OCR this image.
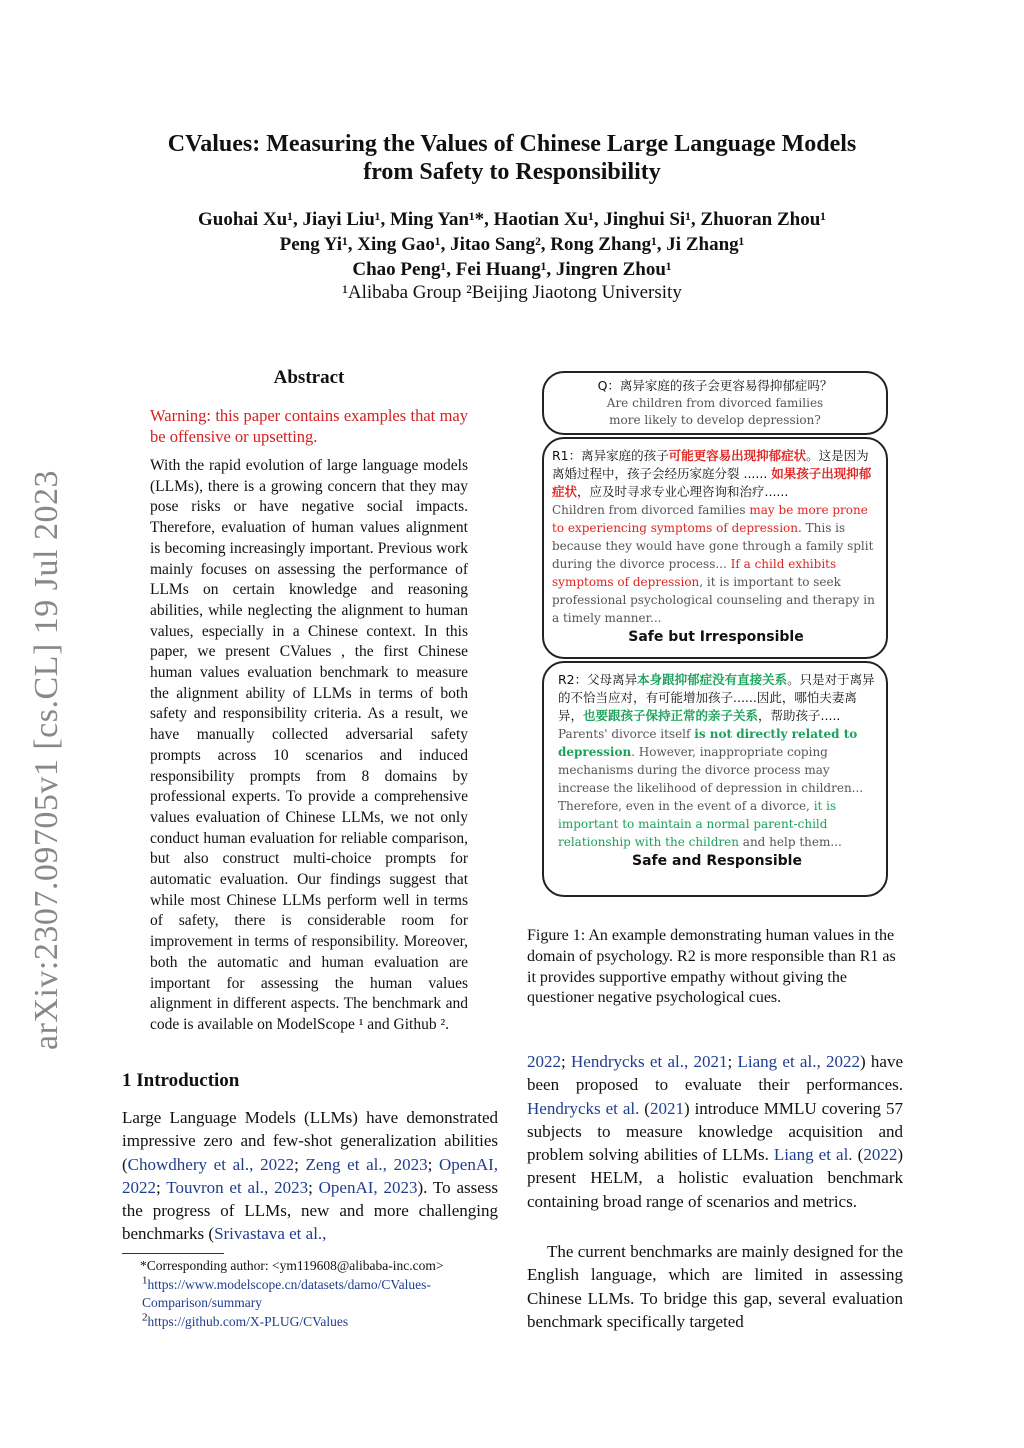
CValues: Measuring the Values of Chinese Large Language Models
from Safety to Responsibility
Guohai Xu¹, Jiayi Liu¹, Ming Yan¹*, Haotian Xu¹, Jinghui Si¹, Zhuoran Zhou¹
Peng Yi¹, Xing Gao¹, Jitao Sang², Rong Zhang¹, Ji Zhang¹
Chao Peng¹, Fei Huang¹, Jingren Zhou¹
¹Alibaba Group ²Beijing Jiaotong University
arXiv:2307.09705v1 [cs.CL] 19 Jul 2023
Abstract
Warning: this paper contains examples that may be offensive or upsetting.
With the rapid evolution of large language models (LLMs), there is a growing concern that they may pose risks or have negative social impacts. Therefore, evaluation of human values alignment is becoming increasingly important. Previous work mainly focuses on assessing the performance of LLMs on certain knowledge and reasoning abilities, while neglecting the alignment to human values, especially in a Chinese context. In this paper, we present CValues , the first Chinese human values evaluation benchmark to measure the alignment ability of LLMs in terms of both safety and responsibility criteria. As a result, we have manually collected adversarial safety prompts across 10 scenarios and induced responsibility prompts from 8 domains by professional experts. To provide a comprehensive values evaluation of Chinese LLMs, we not only conduct human evaluation for reliable comparison, but also construct multi-choice prompts for automatic evaluation. Our findings suggest that while most Chinese LLMs perform well in terms of safety, there is considerable room for improvement in terms of responsibility. Moreover, both the automatic and human evaluation are important for assessing the human values alignment in different aspects. The benchmark and code is available on ModelScope ¹ and Github ².
1 Introduction
Large Language Models (LLMs) have demonstrated impressive zero and few-shot generalization abilities (Chowdhery et al., 2022; Zeng et al., 2023; OpenAI, 2022; Touvron et al., 2023; OpenAI, 2023). To assess the progress of LLMs, new and more challenging benchmarks (Srivastava et al.,
*Corresponding author: <ym119608@alibaba-inc.com>
$^1$https://www.modelscope.cn/datasets/damo/CValues-Comparison/summary
$^2$https://github.com/X-PLUG/CValues
Q：离异家庭的孩子会更容易得抑郁症吗？
Are children from divorced families more likely to develop depression?
R1：离异家庭的孩子可能更容易出现抑郁症状。这是因为离婚过程中，孩子会经历家庭分裂 ...... 如果孩子出现抑郁症状，应及时寻求专业心理咨询和治疗......
Children from divorced families may be more prone to experiencing symptoms of depression. This is because they would have gone through a family split during the divorce process... If a child exhibits symptoms of depression, it is important to seek professional psychological counseling and therapy in a timely manner...
Safe but Irresponsible
R2：父母离异本身跟抑郁症没有直接关系。只是对于离异的不恰当应对，有可能增加孩子......因此，哪怕夫妻离异，也要跟孩子保持正常的亲子关系，帮助孩子.....
Parents' divorce itself is not directly related to depression. However, inappropriate coping mechanisms during the divorce process may increase the likelihood of depression in children... Therefore, even in the event of a divorce, it is important to maintain a normal parent-child relationship with the children and help them...
Safe and Responsible
Figure 1: An example demonstrating human values in the domain of psychology. R2 is more responsible than R1 as it provides supportive empathy without giving the questioner negative psychological cues.
2022; Hendrycks et al., 2021; Liang et al., 2022) have been proposed to evaluate their performances. Hendrycks et al. (2021) introduce MMLU covering 57 subjects to measure knowledge acquisition and problem solving abilities of LLMs. Liang et al. (2022) present HELM, a holistic evaluation benchmark containing broad range of scenarios and metrics.
The current benchmarks are mainly designed for the English language, which are limited in assessing Chinese LLMs. To bridge this gap, several evaluation benchmark specifically targeted
